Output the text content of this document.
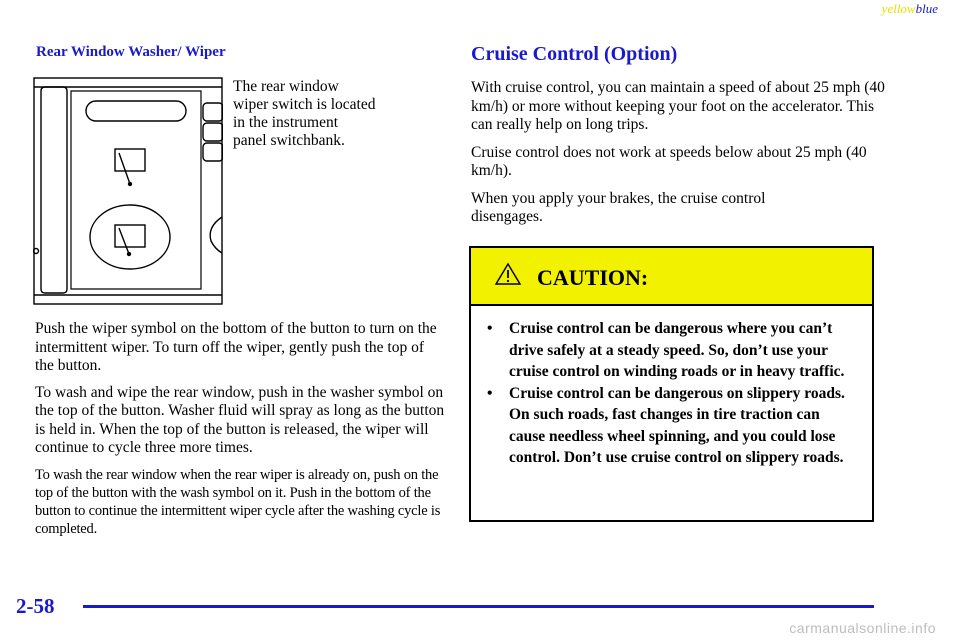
yellowblue
Rear Window Washer/ Wiper
The rear window
wiper switch is located
in the instrument
panel switchbank.

Push the wiper symbol on the bottom of the button to turn on the intermittent wiper. To turn off the wiper, gently push the top of the button.

To wash and wipe the rear window, push in the washer symbol on the top of the button. Washer fluid will spray as long as the button is held in. When the top of the button is released, the wiper will continue to cycle three more times.

To wash the rear window when the rear wiper is already on, push on the top of the button with the wash symbol on it. Push in the bottom of the button to continue the intermittent wiper cycle after the washing cycle is completed.

Cruise Control (Option)

With cruise control, you can maintain a speed of about 25 mph (40 km/h) or more without keeping your foot on the accelerator. This can really help on long trips.

Cruise control does not work at speeds below about 25 mph (40 km/h).

When you apply your brakes, the cruise control disengages.

CAUTION:
• Cruise control can be dangerous where you can’t drive safely at a steady speed. So, don’t use your cruise control on winding roads or in heavy traffic.
• Cruise control can be dangerous on slippery roads. On such roads, fast changes in tire traction can cause needless wheel spinning, and you could lose control. Don’t use cruise control on slippery roads.
2-58
carmanualsonline.info
